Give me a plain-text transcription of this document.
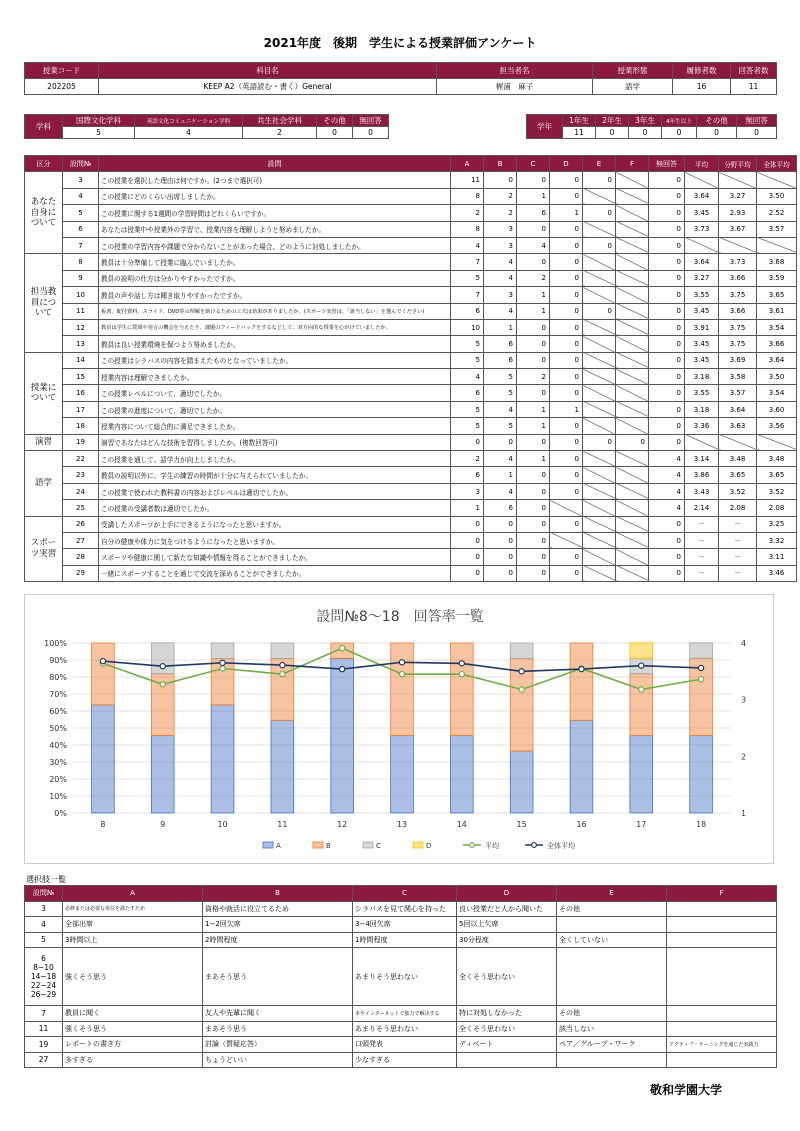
2021年度　後期　学生による授業評価アンケート
授業コード	科目名	担当者名	授業形態	履修者数	回答者数
202205	KEEP A2（英語読む・書く）General	梶浦　麻子	語学	16	11
学科	国際文化学科	英語文化コミュニケーション学科	共生社会学科	その他	無回答
	5	4	2	0	0
学年	1年生	2年生	3年生	4年生以上	その他	無回答
	11	0	0	0	0	0
区分	設問№	設問	A	B	C	D	E	F	無回答	平均	分野平均	全体平均
あなた自身について	3	この授業を選択した理由は何ですか。(2つまで選択可)	11	0	0	0	0		0			
	4	この授業にどのくらい出席しましたか。	8	2	1	0			0	3.64	3.27	3.50
	5	この授業に関する1週間の学習時間はどれくらいですか。	2	2	6	1	0		0	3.45	2.93	2.52
	6	あなたは授業中や授業外の学習で、授業内容を理解しようと努めましたか。	8	3	0	0			0	3.73	3.67	3.57
	7	この授業の学習内容や課題で分からないことがあった場合、どのように対処しましたか。	4	3	4	0	0		0			
担当教員について	8	教員は十分準備して授業に臨んでいましたか。	7	4	0	0			0	3.64	3.73	3.68
	9	教員の説明の仕方は分かりやすかったですか。	5	4	2	0			0	3.27	3.66	3.59
	10	教員の声や話し方は聞き取りやすかったですか。	7	3	1	0			0	3.55	3.75	3.65
	11	板書、配付資料、スライド、DVD等の理解を助けるための工夫は効果がありましたか。(スポーツ実習は、「該当しない」を選んでください)	6	4	1	0	0		0	3.45	3.66	3.61
	12	教員は学生に質問や発言の機会を与えたり、課題のフィードバックをするなどして、双方向的な授業を心がけていましたか。	10	1	0	0			0	3.91	3.75	3.54
	13	教員は良い授業環境を保つよう努めましたか。	5	6	0	0			0	3.45	3.75	3.66
授業について	14	この授業はシラバスの内容を踏まえたものとなっていましたか。	5	6	0	0			0	3.45	3.69	3.64
	15	授業内容は理解できましたか。	4	5	2	0			0	3.18	3.58	3.50
	16	この授業レベルについて、適切でしたか。	6	5	0	0			0	3.55	3.57	3.54
	17	この授業の進度について、適切でしたか。	5	4	1	1			0	3.18	3.64	3.60
	18	授業内容について総合的に満足できましたか。	5	5	1	0			0	3.36	3.63	3.56
演習	19	演習であなたはどんな技術を習得しましたか。(複数回答可)	0	0	0	0	0	0	0			
語学	22	この授業を通して、語学力が向上しましたか。	2	4	1	0			4	3.14	3.48	3.48
	23	教員の説明以外に、学生の練習の時間が十分に与えられていましたか。	6	1	0	0			4	3.86	3.65	3.65
	24	この授業で使われた教科書の内容およびレベルは適切でしたか。	3	4	0	0			4	3.43	3.52	3.52
	25	この授業の受講者数は適切でしたか。	1	6	0				4	2.14	2.08	2.08
スポーツ実習	26	受講したスポーツが上手にできるようになったと思いますか。	0	0	0	0			0	－	－	3.25
	27	自分の健康や体力に気をつけるようになったと思いますか。	0	0	0				0	－	－	3.32
	28	スポーツや健康に関して新たな知識や情報を得ることができましたか。	0	0	0	0			0	－	－	3.11
	29	一緒にスポーツすることを通じて交流を深めることができましたか。	0	0	0	0			0	－	－	3.46
設問№8～18　回答率一覧
0%
10%
20%
30%
40%
50%
60%
70%
80%
90%
100%
1
2
3
4
8	9	10	11	12	13	14	15	16	17	18
A	B	C	D	平均	全体平均
選択肢一覧
設問№	A	B	C	D	E	F

3	必修または必要な単位を満たすため	資格や就活に役立てるため	シラバスを見て関心を持った	良い授業だと人から聞いた	その他	

4	全部出席	1−2回欠席	3−4回欠席	5回以上欠席		

5	3時間以上	2時間程度	1時間程度	30分程度	全くしていない	

6
8−10
14−18
22−24
26−29	強くそう思う	まあそう思う	あまりそう思わない	全くそう思わない		

7	教員に聞く	友人や先輩に聞く	本やインターネットで独力で解決する	特に対処しなかった	その他	

11	強くそう思う	まあそう思う	あまりそう思わない	全くそう思わない	該当しない	

19	レポートの書き方	討論（質疑応答）	口頭発表	ディベート	ペア／グループ・ワーク	アクティブ・ラーニングを通じた実践力

27	多すぎる	ちょうどいい	少なすぎる			
敬和学園大学
